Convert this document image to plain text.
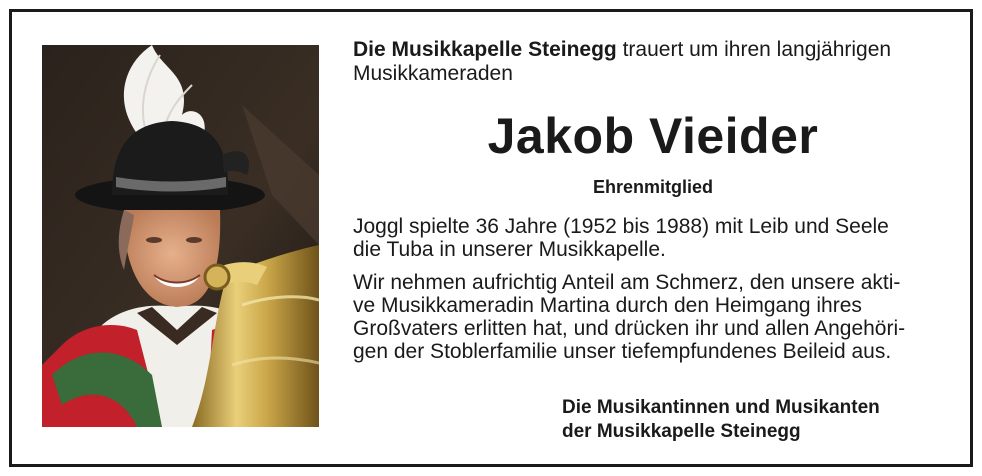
Die Musikkapelle Steinegg trauert um ihren langjährigen
Musikkameraden

Jakob Vieider
Ehrenmitglied

Joggl spielte 36 Jahre (1952 bis 1988) mit Leib und Seele
die Tuba in unserer Musikkapelle.

Wir nehmen aufrichtig Anteil am Schmerz, den unsere akti-
ve Musikkameradin Martina durch den Heimgang ihres
Großvaters erlitten hat, und drücken ihr und allen Angehöri-
gen der Stoblerfamilie unser tiefempfundenes Beileid aus.

Die Musikantinnen und Musikanten
der Musikkapelle Steinegg
